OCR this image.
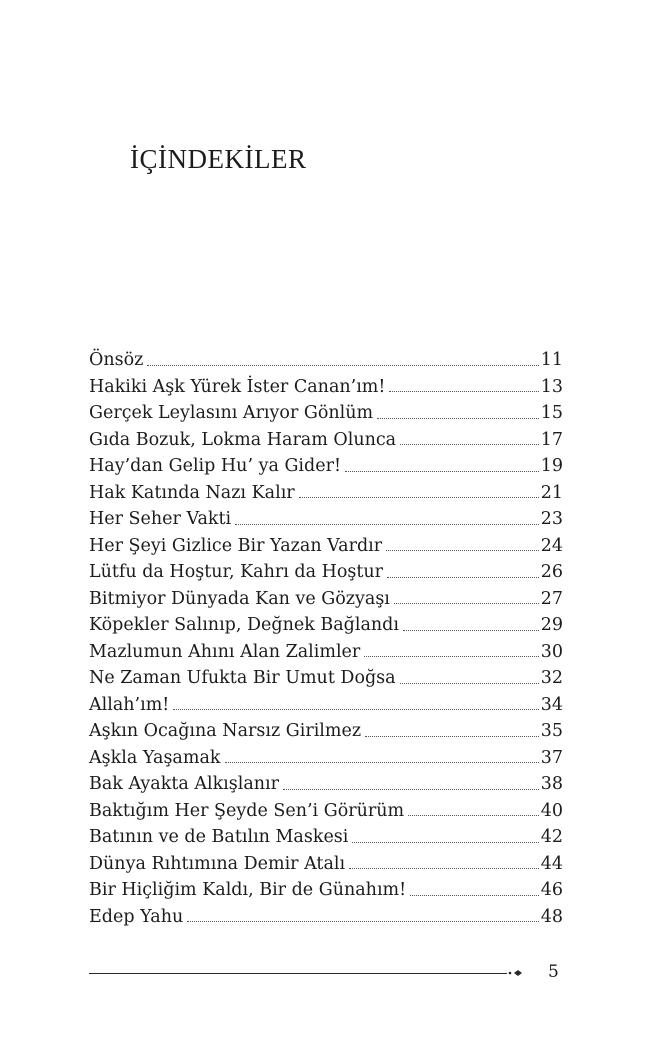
İÇİNDEKİLER
Önsöz	11
Hakiki Aşk Yürek İster Canan’ım!	13
Gerçek Leylasını Arıyor Gönlüm	15
Gıda Bozuk, Lokma Haram Olunca	17
Hay’dan Gelip Hu’ ya Gider!	19
Hak Katında Nazı Kalır	21
Her Seher Vakti	23
Her Şeyi Gizlice Bir Yazan Vardır	24
Lütfu da Hoştur, Kahrı da Hoştur	26
Bitmiyor Dünyada Kan ve Gözyaşı	27
Köpekler Salınıp, Değnek Bağlandı	29
Mazlumun Ahını Alan Zalimler	30
Ne Zaman Ufukta Bir Umut Doğsa	32
Allah’ım!	34
Aşkın Ocağına Narsız Girilmez	35
Aşkla Yaşamak	37
Bak Ayakta Alkışlanır	38
Baktığım Her Şeyde Sen’i Görürüm	40
Batının ve de Batılın Maskesi	42
Dünya Rıhtımına Demir Atalı	44
Bir Hiçliğim Kaldı, Bir de Günahım!	46
Edep Yahu	48
5
